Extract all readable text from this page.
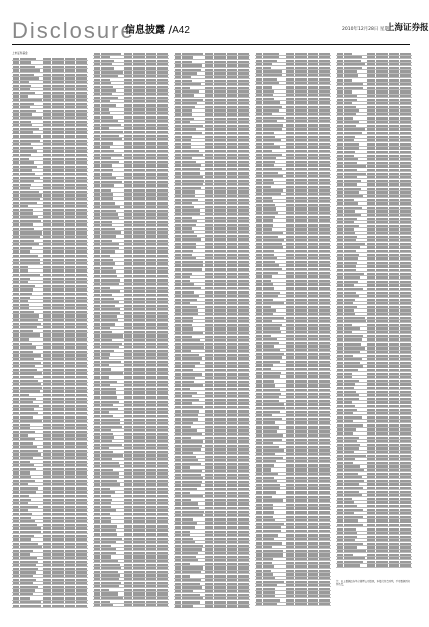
Disclosure
信息披露 /A42	2010年12月28日 星期二
上海证券报
上市证券基金
注：以上数据由各基金管理公司提供，本报仅负责刊登，不对数据真实性负责。
